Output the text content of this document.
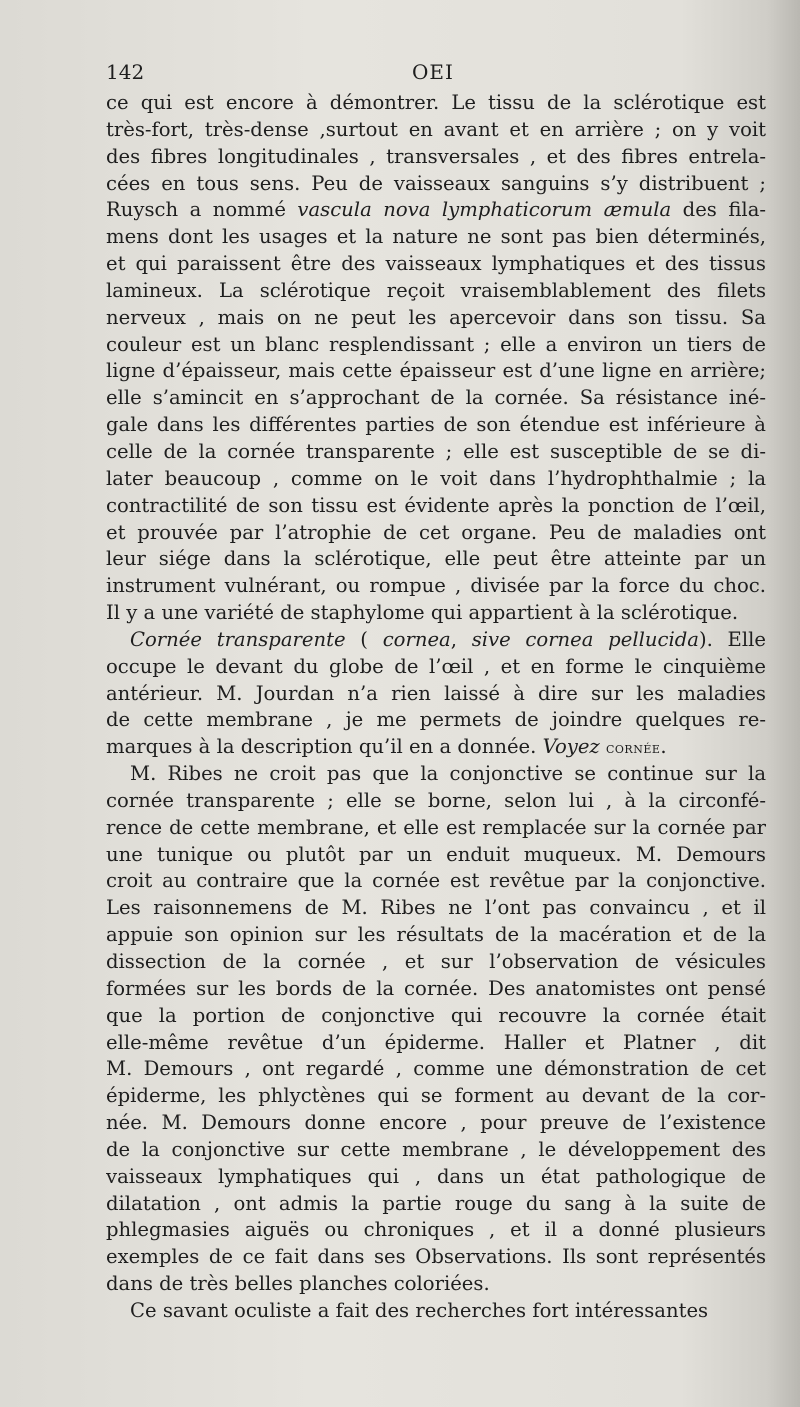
142	OEI
ce qui est encore à démontrer. Le tissu de la sclérotique est
très-fort, très-dense ,surtout en avant et en arrière ; on y voit
des fibres longitudinales , transversales , et des fibres entrela-
cées en tous sens. Peu de vaisseaux sanguins s’y distribuent ;
Ruysch a nommé vascula nova lymphaticorum æmula des fila-
mens dont les usages et la nature ne sont pas bien déterminés,
et qui paraissent être des vaisseaux lymphatiques et des tissus
lamineux. La sclérotique reçoit vraisemblablement des filets
nerveux , mais on ne peut les apercevoir dans son tissu. Sa
couleur est un blanc resplendissant ; elle a environ un tiers de
ligne d’épaisseur, mais cette épaisseur est d’une ligne en arrière;
elle s’amincit en s’approchant de la cornée. Sa résistance iné-
gale dans les différentes parties de son étendue est inférieure à
celle de la cornée transparente ; elle est susceptible de se di-
later beaucoup , comme on le voit dans l’hydrophthalmie ; la
contractilité de son tissu est évidente après la ponction de l’œil,
et prouvée par l’atrophie de cet organe. Peu de maladies ont
leur siége dans la sclérotique, elle peut être atteinte par un
instrument vulnérant, ou rompue , divisée par la force du choc.
Il y a une variété de staphylome qui appartient à la sclérotique.
Cornée transparente ( cornea, sive cornea pellucida). Elle
occupe le devant du globe de l’œil , et en forme le cinquième
antérieur. M. Jourdan n’a rien laissé à dire sur les maladies
de cette membrane , je me permets de joindre quelques re-
marques à la description qu’il en a donnée. Voyez cornée.
M. Ribes ne croit pas que la conjonctive se continue sur la
cornée transparente ; elle se borne, selon lui , à la circonfé-
rence de cette membrane, et elle est remplacée sur la cornée par
une tunique ou plutôt par un enduit muqueux. M. Demours
croit au contraire que la cornée est revêtue par la conjonctive.
Les raisonnemens de M. Ribes ne l’ont pas convaincu , et il
appuie son opinion sur les résultats de la macération et de la
dissection de la cornée , et sur l’observation de vésicules
formées sur les bords de la cornée. Des anatomistes ont pensé
que la portion de conjonctive qui recouvre la cornée était
elle-même revêtue d’un épiderme. Haller et Platner , dit
M. Demours , ont regardé , comme une démonstration de cet
épiderme, les phlyctènes qui se forment au devant de la cor-
née. M. Demours donne encore , pour preuve de l’existence
de la conjonctive sur cette membrane , le développement des
vaisseaux lymphatiques qui , dans un état pathologique de
dilatation , ont admis la partie rouge du sang à la suite de
phlegmasies aiguës ou chroniques , et il a donné plusieurs
exemples de ce fait dans ses Observations. Ils sont représentés
dans de très belles planches coloriées.
Ce savant oculiste a fait des recherches fort intéressantes
